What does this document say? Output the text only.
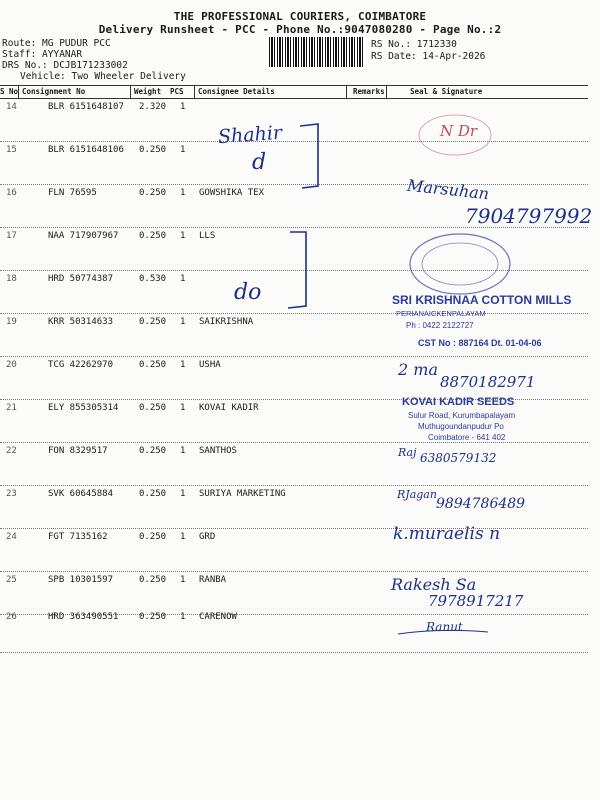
THE PROFESSIONAL COURIERS, COIMBATORE
Delivery Runsheet - PCC - Phone No.:9047080280 - Page No.:2
Route: MG PUDUR PCC
Staff: AYYANAR
DRS No.: DCJB171233002
Vehicle: Two Wheeler Delivery
RS No.: 1712330
RS Date: 14-Apr-2026
S No Consignment No	Weight PCS Consignee Details	Remarks	Seal & Signature
14	BLR 6151648107 2.320 1
15	BLR 6151648106 0.250 1
16	FLN 76595	0.250 1 GOWSHIKA TEX
17	NAA 717907967 0.250 1 LLS
18	HRD 50774387	0.530 1
19	KRR 50314633	0.250 1 SAIKRISHNA
20	TCG 42262970	0.250 1 USHA
21	ELY 855305314 0.250 1 KOVAI KADIR
22	FON 8329517	0.250 1 SANTHOS
23	SVK 60645884	0.250 1 SURIYA MARKETING
24	FGT 7135162	0.250 1 GRD
25	SPB 10301597	0.250 1 RANBA
26	HRD 363490551 0.250 1 CARENOW
Shahir
d
do
N Dr
Marsuhan
7904797992
SRI KRISHNAA COTTON MILLS
PERIANAICKENPALAYAM
Ph : 0422 2122727
CST No : 887164 Dt. 01-04-06
2 ma
8870182971
KOVAI KADIR SEEDS
Sulur Road, Kurumbapalayam
Muthugoundanpudur Po
Coimbatore - 641 402
Raj 6380579132
RJagan
9894786489
k.muraelis n
Rakesh Sa
7978917217
Ranut
